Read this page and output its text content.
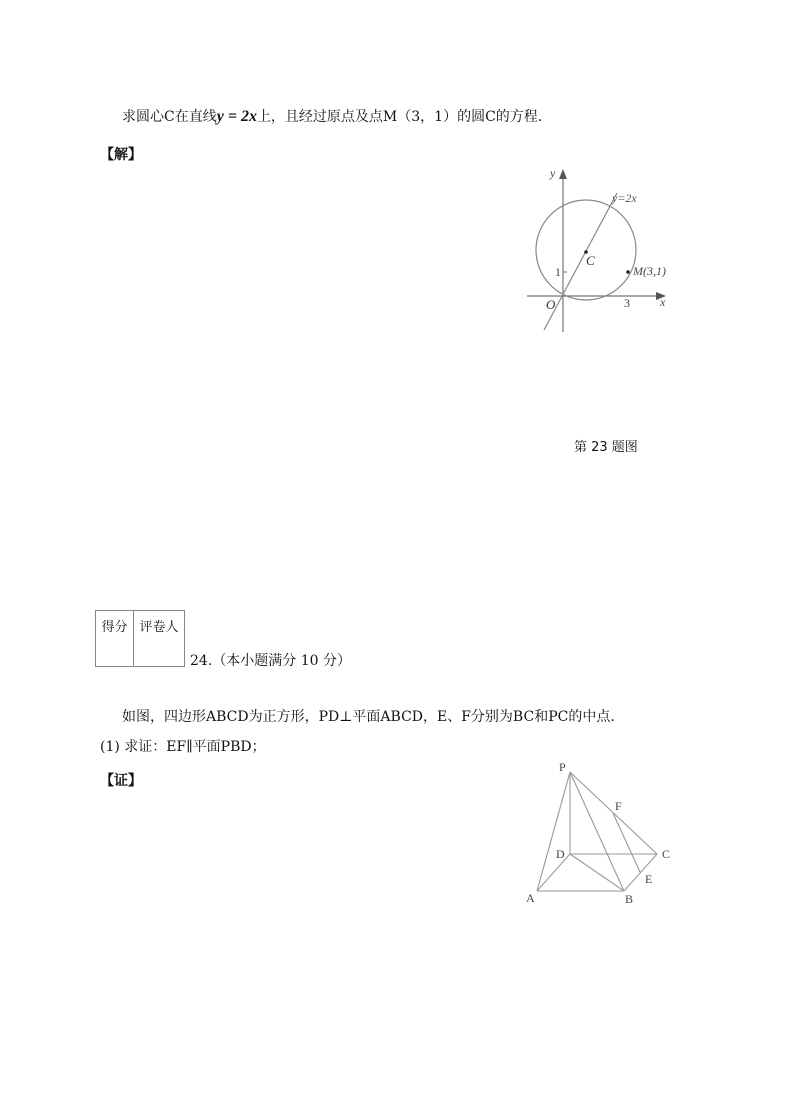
求圆心C在直线y = 2x上，且经过原点及点M（3，1）的圆C的方程.
【解】
y
x
y=2x
C
M(3,1)
O
1
3
第 23 题图
得分	评卷人
24.（本小题满分 10 分）
如图，四边形ABCD为正方形，PD⊥平面ABCD，E、F分别为BC和PC的中点.
(1) 求证：EF∥平面PBD；
【证】
P
F
D	C
E
A	B
